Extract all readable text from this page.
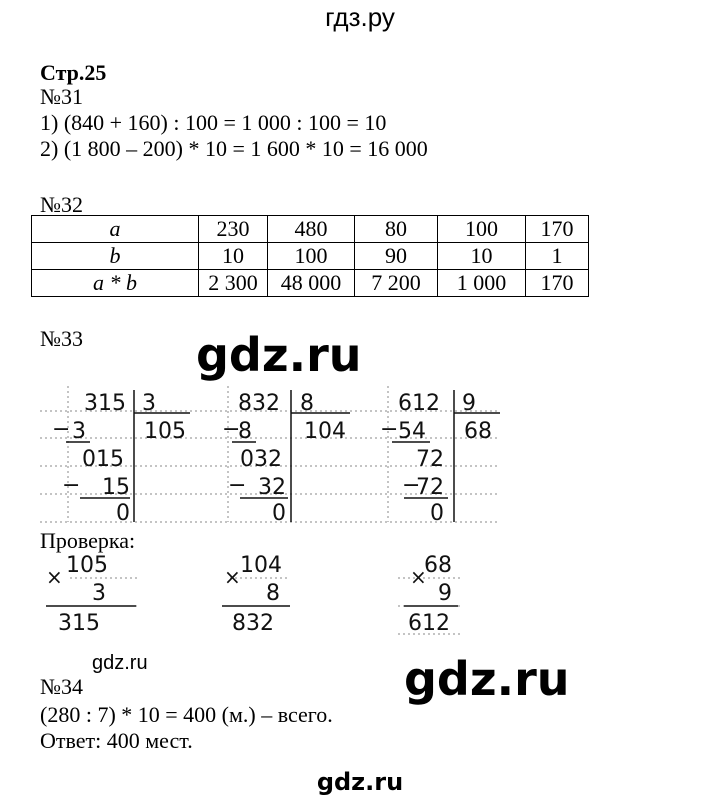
гдз.ру
Стр.25
№31
1) (840 + 160) : 100 = 1 000 : 100 = 10
2) (1 800 – 200) * 10 = 1 600 * 10 = 16 000
№32
a	230	480	80	100	170
b	10	100	90	10	1
a * b	2 300	48 000	7 200	1 000	170
№33 gdz.ru
315 3
105
− 3
015
− 15
0
832 8
104
−
8
032
− 32
0
612 9
68
− 54
72
−
72
0
× 105
3
315
× 104
8
832
×
68
9
612
Проверка:
gdz.ru
№34	gdz.ru
(280 : 7) * 10 = 400 (м.) – всего.
Ответ: 400 мест.
gdz.ru
